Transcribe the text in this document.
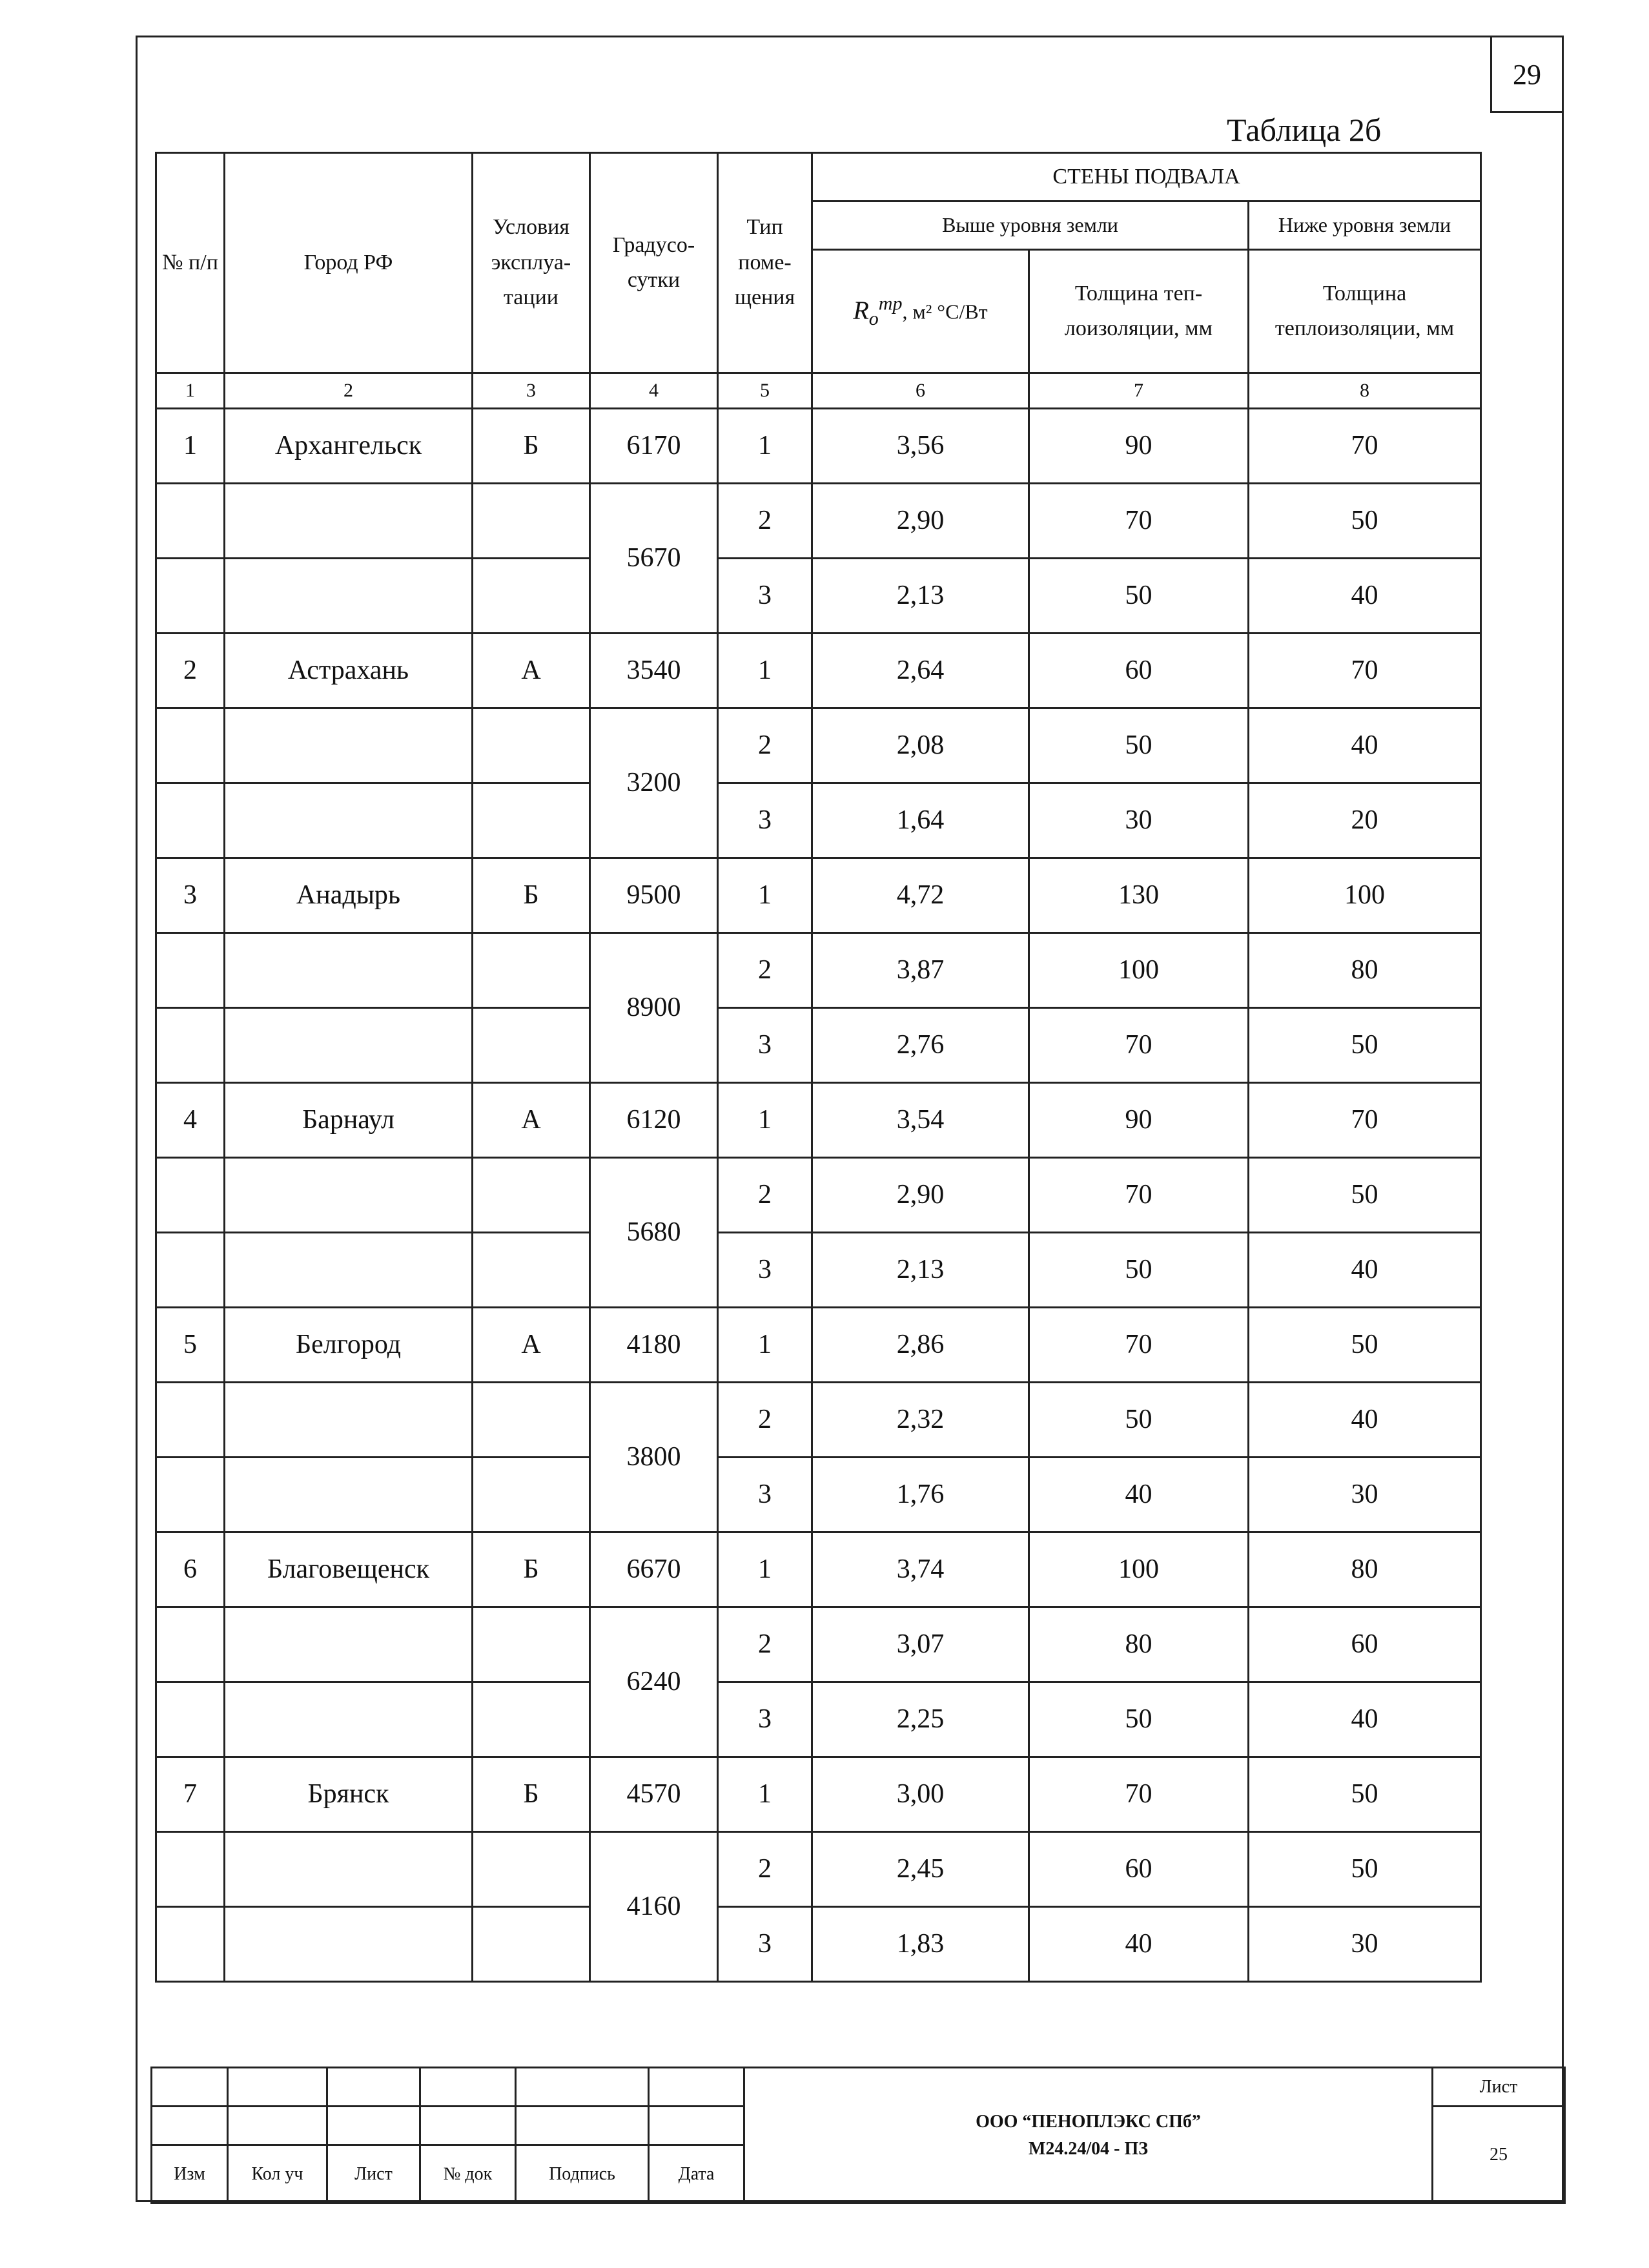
29
Таблица 2б
№ п/п	Город РФ	Условия эксплуа-тации	Градусо-сутки	Тип поме-щения	СТЕНЫ ПОДВАЛА		
					Выше уровня земли		Ниже уровня земли
					$R_о^{тр}$, м² °С/Вт	Толщина теп-лоизоляции, мм	Толщина теплоизоляции, мм
1	2	3	4	5	6	7	8
1	Архангельск	Б	6170	1	3,56	90	70
			5670	2	2,90	70	50
				3	2,13	50	40
2	Астрахань	А	3540	1	2,64	60	70
			3200	2	2,08	50	40
				3	1,64	30	20
3	Анадырь	Б	9500	1	4,72	130	100
			8900	2	3,87	100	80
				3	2,76	70	50
4	Барнаул	А	6120	1	3,54	90	70
			5680	2	2,90	70	50
				3	2,13	50	40
5	Белгород	А	4180	1	2,86	70	50
			3800	2	2,32	50	40
				3	1,76	40	30
6	Благовещенск	Б	6670	1	3,74	100	80
			6240	2	3,07	80	60
				3	2,25	50	40
7	Брянск	Б	4570	1	3,00	70	50
			4160	2	2,45	60	50
				3	1,83	40	30

						ООО “ПЕНОПЛЭКС СПб”
М24.24/04 - ПЗ	Лист
							25
Изм	Кол уч	Лист	№ док	Подпись	Дата		
